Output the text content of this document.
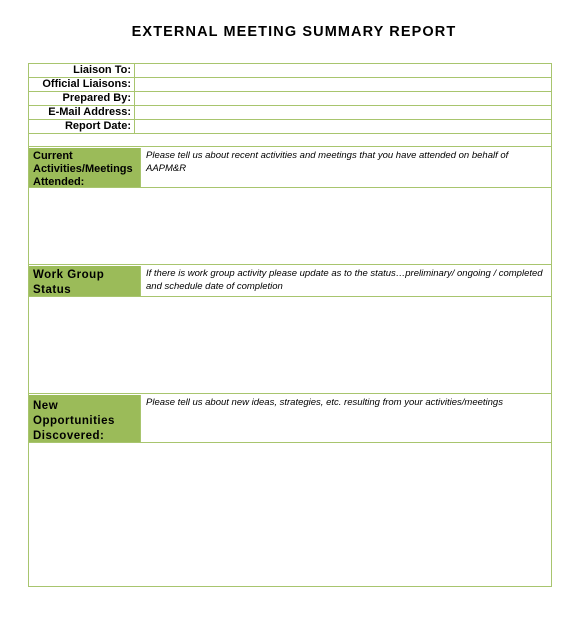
EXTERNAL MEETING SUMMARY REPORT
Liaison To:
Official Liaisons:
Prepared By:
E-Mail Address:
Report Date:
Current Activities/Meetings Attended:
Please tell us about recent activities and meetings that you have attended on behalf of AAPM&R
Work Group Status
If there is work group activity please update as to the status…preliminary/ ongoing / completed and schedule date of completion
New Opportunities Discovered:
Please tell us about new ideas, strategies, etc. resulting from your activities/meetings
